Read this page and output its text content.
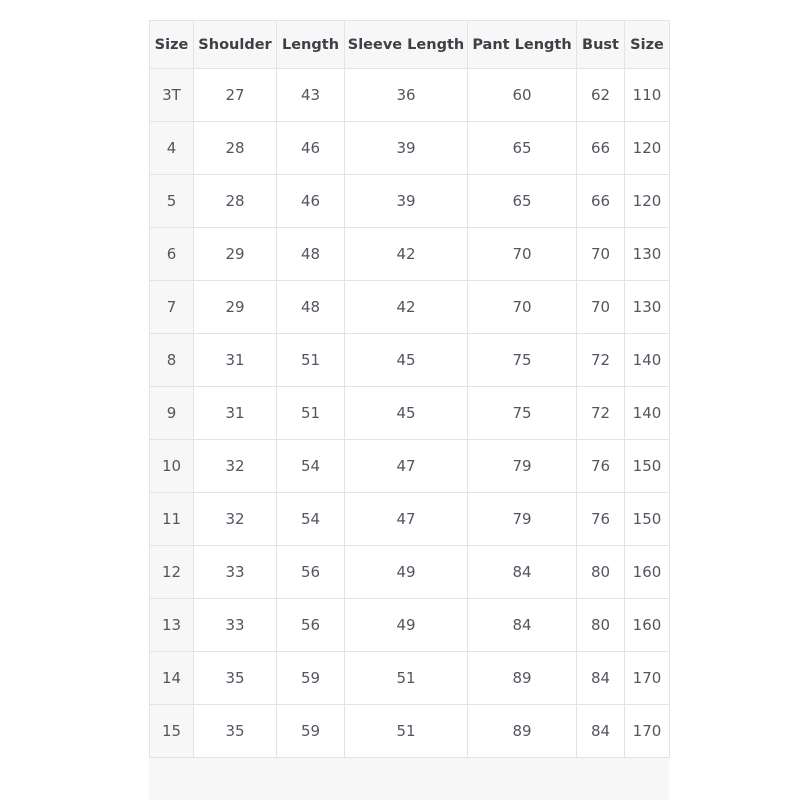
Size	Shoulder	Length	Sleeve Length	Pant Length	Bust	Size
3T	27	43	36	60	62	110
4	28	46	39	65	66	120
5	28	46	39	65	66	120
6	29	48	42	70	70	130
7	29	48	42	70	70	130
8	31	51	45	75	72	140
9	31	51	45	75	72	140
10	32	54	47	79	76	150
11	32	54	47	79	76	150
12	33	56	49	84	80	160
13	33	56	49	84	80	160
14	35	59	51	89	84	170
15	35	59	51	89	84	170
